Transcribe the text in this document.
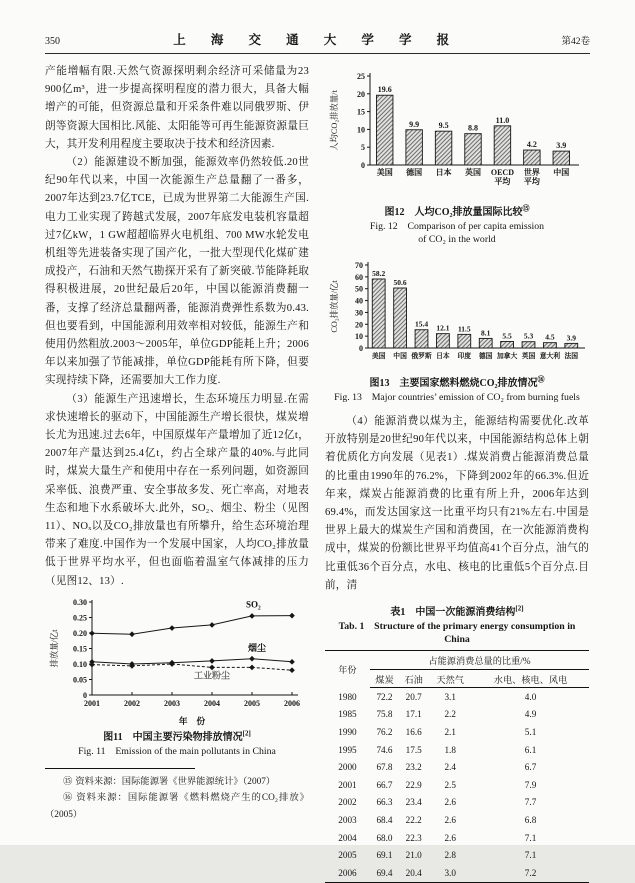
350	上 海 交 通 大 学 学 报	第42卷

产能增幅有限.天然气资源探明剩余经济可采储量为23 900亿m³，进一步提高探明程度的潜力很大，具备大幅增产的可能，但资源总量和开采条件难以同俄罗斯、伊朗等资源大国相比.风能、太阳能等可再生能源资源量巨大，其开发利用程度主要取决于技术和经济因素.

（2）能源建设不断加强，能源效率仍然较低.20世纪90年代以来，中国一次能源生产总量翻了一番多，2007年达到23.7亿TCE，已成为世界第二大能源生产国.电力工业实现了跨越式发展，2007年底发电装机容量超过7亿kW，1 GW超超临界火电机组、700 MW水轮发电机组等先进装备实现了国产化，一批大型现代化煤矿建成投产，石油和天然气勘探开采有了新突破.节能降耗取得积极进展，20世纪最后20年，中国以能源消费翻一番，支撑了经济总量翻两番，能源消费弹性系数为0.43.但也要看到，中国能源利用效率相对较低，能源生产和使用仍然粗放.2003～2005年，单位GDP能耗上升；2006年以来加强了节能减排，单位GDP能耗有所下降，但要实现持续下降，还需要加大工作力度.

（3）能源生产迅速增长，生态环境压力明显.在需求快速增长的驱动下，中国能源生产增长很快，煤炭增长尤为迅速.过去6年，中国原煤年产量增加了近12亿t，2007年产量达到25.4亿t，约占全球产量的40%.与此同时，煤炭大量生产和使用中存在一系列问题，如资源回采率低、浪费严重、安全事故多发、死亡率高，对地表生态和地下水系破坏大.此外，SO₂、烟尘、粉尘（见图11）、NOₓ以及CO₂排放量也有所攀升，给生态环境治理带来了难度.中国作为一个发展中国家，人均CO₂排放量低于世界平均水平，但也面临着温室气体减排的压力（见图12、13）.

0
0.05
0.10
0.15
0.20
0.25
0.30
2001	2002	2003	2004	2005	2006
SO₂
烟尘
工业粉尘
排放量/亿t
年　份
图11　中国主要污染物排放情况[2]
Fig. 11　Emission of the main pollutants in China

⑮ 资料来源：国际能源署《世界能源统计》（2007）

⑯ 资料来源：国际能源署《燃料燃烧产生的CO₂排放》（2005）

0
5
10
15
20
25
19.6
美国
9.9
德国
9.5
日本
8.8
英国
11.0
OECD
平均
4.2
世界
平均
3.9
中国
人均CO₂排放量/t
图12　人均CO₂排放量国际比较⑮
Fig. 12　Comparison of per capita emission
of CO₂ in the world
0
10
20
30
40
50
60
70
58.2
美国
50.6
中国
15.4
俄罗斯
12.1
日本
11.5
印度
8.1
德国
5.5
加拿大
5.3
英国
4.5
意大利
3.9
法国
CO₂排放量/亿t
图13　主要国家燃料燃烧CO₂排放情况⑯
Fig. 13　Major countries’ emission of CO₂ from burning fuels

（4）能源消费以煤为主，能源结构需要优化.改革开放特别是20世纪90年代以来，中国能源结构总体上朝着优质化方向发展（见表1）.煤炭消费占能源消费总量的比重由1990年的76.2%，下降到2002年的66.3%.但近年来，煤炭占能源消费的比重有所上升，2006年达到69.4%，而发达国家这一比重平均只有21%左右.中国是世界上最大的煤炭生产国和消费国，在一次能源消费构成中，煤炭的份额比世界平均值高41个百分点，油气的比重低36个百分点，水电、核电的比重低5个百分点.目前，清

表1　中国一次能源消费结构[2]
Tab. 1　Structure of the primary energy consumption in China
年份	占能源消费总量的比重/%			
	煤炭	石油	天然气	水电、核电、风电
1980	72.2	20.7	3.1	4.0
1985	75.8	17.1	2.2	4.9
1990	76.2	16.6	2.1	5.1
1995	74.6	17.5	1.8	6.1
2000	67.8	23.2	2.4	6.7
2001	66.7	22.9	2.5	7.9
2002	66.3	23.4	2.6	7.7
2003	68.4	22.2	2.6	6.8
2004	68.0	22.3	2.6	7.1
2005	69.1	21.0	2.8	7.1
2006	69.4	20.4	3.0	7.2
